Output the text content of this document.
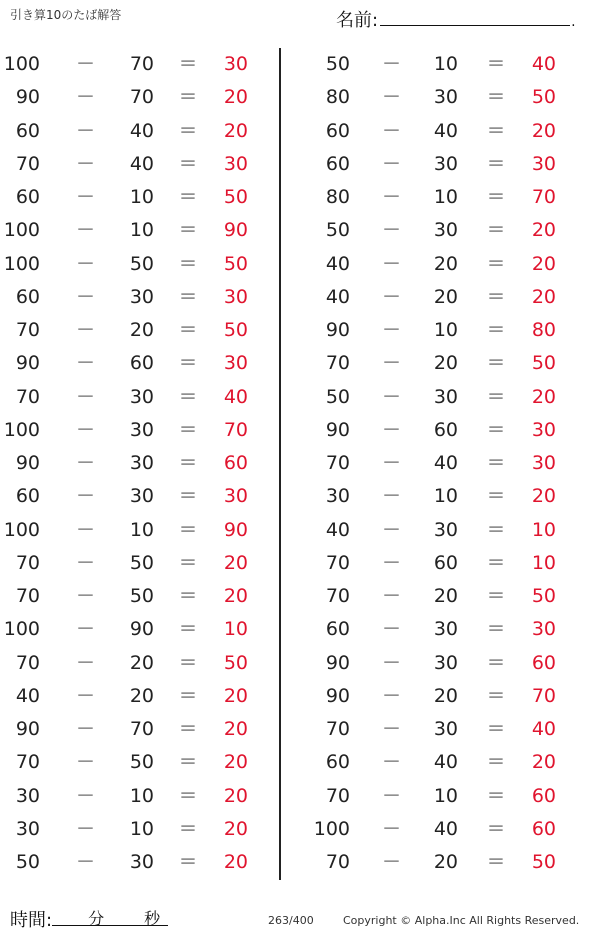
引き算10のたば解答	名前:	.
100 －	70 ＝	30
90 －	70 ＝	20
60 －	40 ＝	20
70 －	40 ＝	30
60 －	10 ＝	50
100 －	10 ＝	90
100 －	50 ＝	50
60 －	30 ＝	30
70 －	20 ＝	50
90 －	60 ＝	30
70 －	30 ＝	40
100 －	30 ＝	70
90 －	30 ＝	60
60 －	30 ＝	30
100 －	10 ＝	90
70 －	50 ＝	20
70 －	50 ＝	20
100 －	90 ＝	10
70 －	20 ＝	50
40 －	20 ＝	20
90 －	70 ＝	20
70 －	50 ＝	20
30 －	10 ＝	20
30 －	10 ＝	20
50 －	30 ＝	20
50 －	10 ＝	40
80 －	30 ＝	50
60 －	40 ＝	20
60 －	30 ＝	30
80 －	10 ＝	70
50 －	30 ＝	20
40 －	20 ＝	20
40 －	20 ＝	20
90 －	10 ＝	80
70 －	20 ＝	50
50 －	30 ＝	20
90 －	60 ＝	30
70 －	40 ＝	30
30 －	10 ＝	20
40 －	30 ＝	10
70 －	60 ＝	10
70 －	20 ＝	50
60 －	30 ＝	30
90 －	30 ＝	60
90 －	20 ＝	70
70 －	30 ＝	40
60 －	40 ＝	20
70 －	10 ＝	60
100 －	40 ＝	60
70 －	20 ＝	50
時間: 分 秒	263/400	Copyright © Alpha.Inc All Rights Reserved.
